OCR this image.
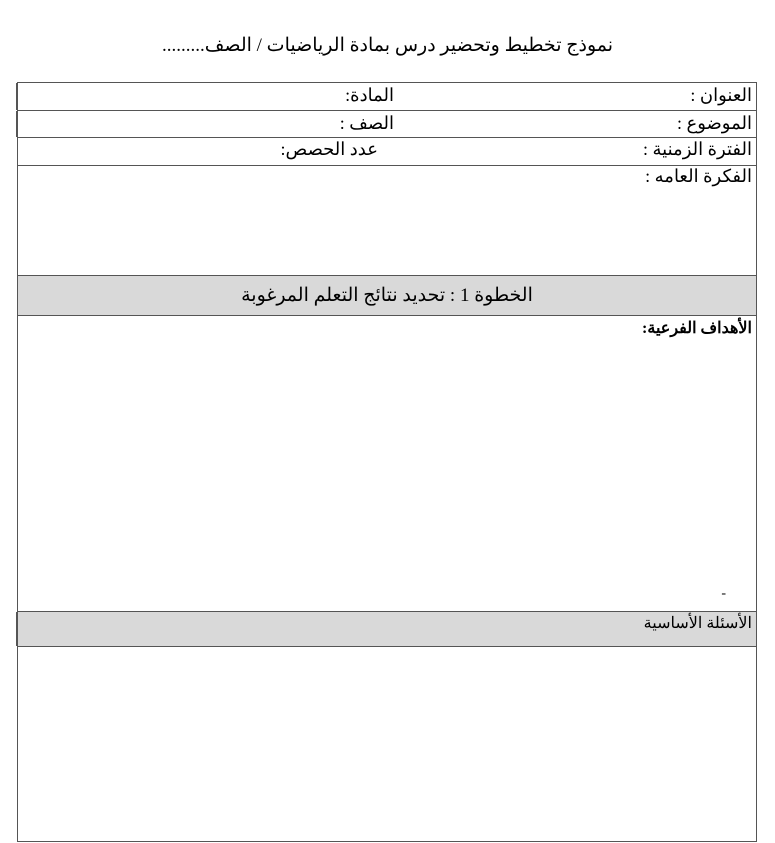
نموذج تخطيط وتحضير درس بمادة الرياضيات / الصف.........
العنوان :
المادة:
الموضوع :
الصف :
الفترة الزمنية :
عدد الحصص:
الفكرة العامه :
الخطوة 1 : تحديد نتائج التعلم المرغوبة
الأهداف الفرعية:
-
الأسئلة الأساسية
